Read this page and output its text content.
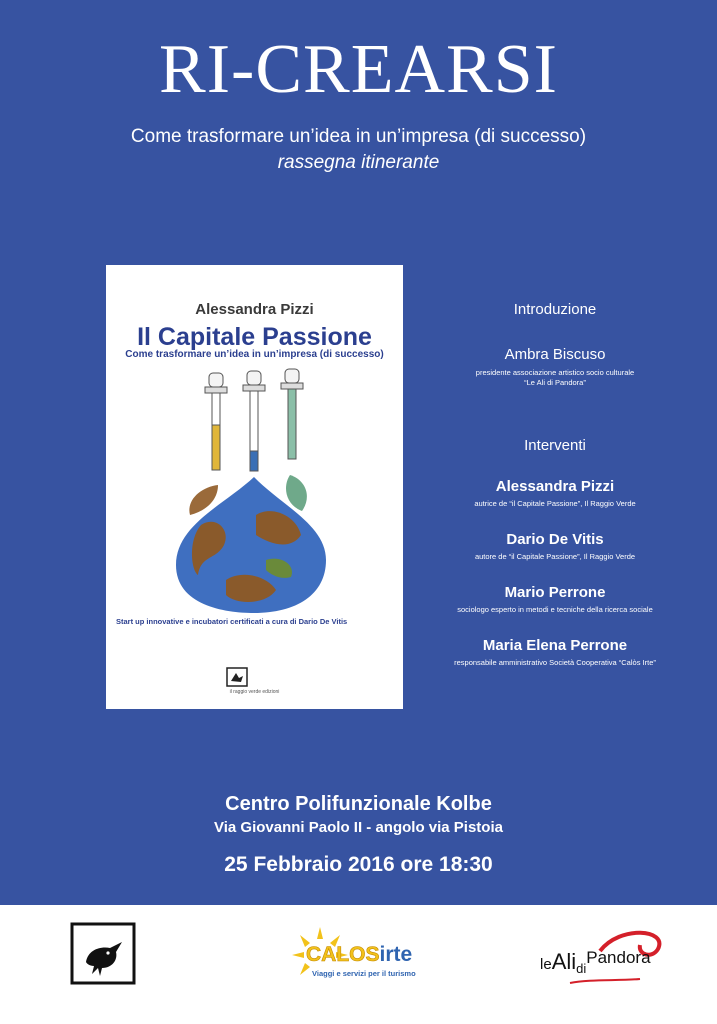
RI-CREARSI
Come trasformare un’idea in un’impresa (di successo)
rassegna itinerante
Alessandra Pizzi
Il Capitale Passione
Come trasformare un’idea in un’impresa (di successo)
Start up innovative e incubatori certificati a cura di Dario De Vitis
il raggio verde edizioni
Introduzione
Ambra Biscuso
presidente associazione artistico socio culturale
“Le Ali di Pandora”
Interventi
Alessandra Pizzi
autrice de “il Capitale Passione”, Il Raggio Verde
Dario De Vitis
autore de “il Capitale Passione”, Il Raggio Verde
Mario Perrone
sociologo esperto in metodi e tecniche della ricerca sociale
Maria Elena Perrone
responsabile amministrativo Società Cooperativa “Calòs Irte”
Centro Polifunzionale Kolbe
Via Giovanni Paolo II - angolo via Pistoia
25 Febbraio 2016 ore 18:30
CALOSirte
Viaggi e servizi per il turismo
leAli$_{di}$Pandora
